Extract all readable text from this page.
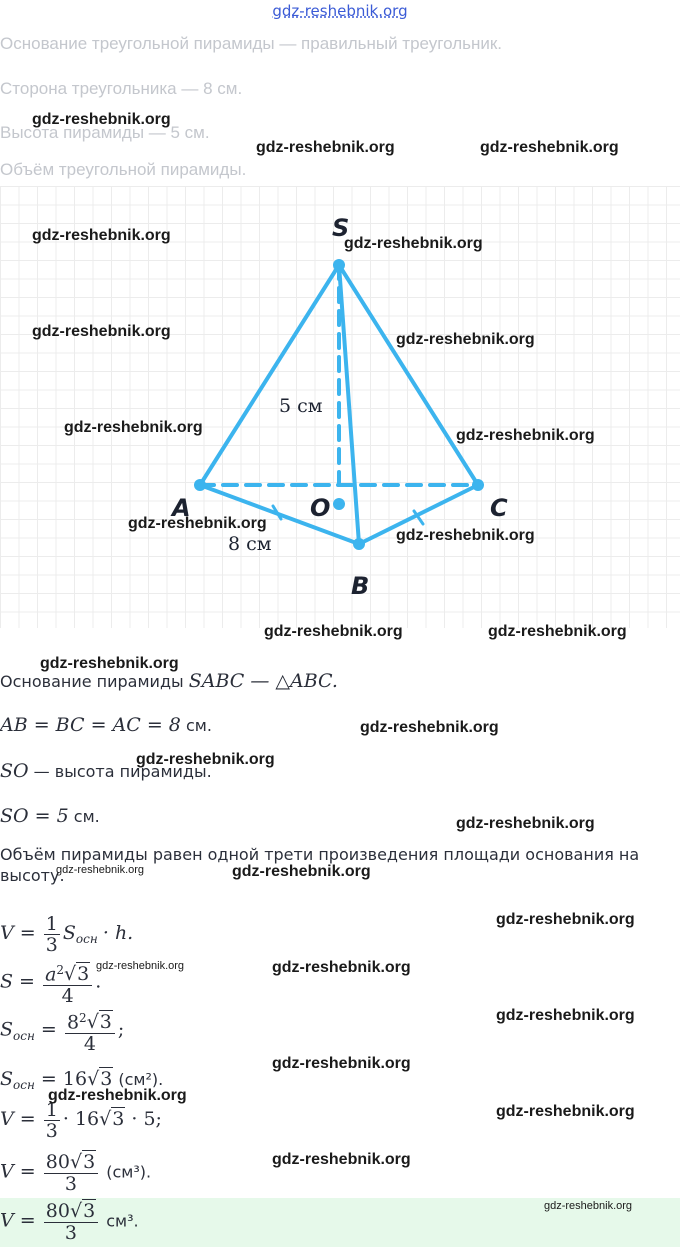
gdz-reshebnik.org
Основание треугольной пирамиды — правильный треугольник.
Сторона треугольника — 8 см.
Высота пирамиды — 5 см.
Объём треугольной пирамиды.
S
A	C
B
O
5 см
8 см
Основание пирамиды SABC — △ABC.
AB = BC = AC = 8 см.
SO — высота пирамиды.
SO = 5 см.
Объём пирамиды равен одной трети произведения площади основания на высоту.
$V = \frac{1}{3} S_{осн} \cdot h$.
$S = \frac{a^2√3}{4}$ .
$S_{осн} = \frac{8^2√3}{4}$ ;
$S_{осн} = 16√3$ (см²).
$V = \frac{1}{3} \cdot 16√3 \cdot 5$;
$V = \frac{80√3}{3} (см^3)$.
$V = \frac{80√3}{3} см^3$.
gdz-reshebnik.org
gdz-reshebnik.org	gdz-reshebnik.org
gdz-reshebnik.org	gdz-reshebnik.org
gdz-reshebnik.org	gdz-reshebnik.org
gdz-reshebnik.org	gdz-reshebnik.org
gdz-reshebnik.org
gdz-reshebnik.org
gdz-reshebnik.org	gdz-reshebnik.org
gdz-reshebnik.org
gdz-reshebnik.org
gdz-reshebnik.org
gdz-reshebnik.org
gdz-reshebnik.org	gdz-reshebnik.org
gdz-reshebnik.org
gdz-reshebnik.org	gdz-reshebnik.org
gdz-reshebnik.org
gdz-reshebnik.org
gdz-reshebnik.org
gdz-reshebnik.org
gdz-reshebnik.org
gdz-reshebnik.org
